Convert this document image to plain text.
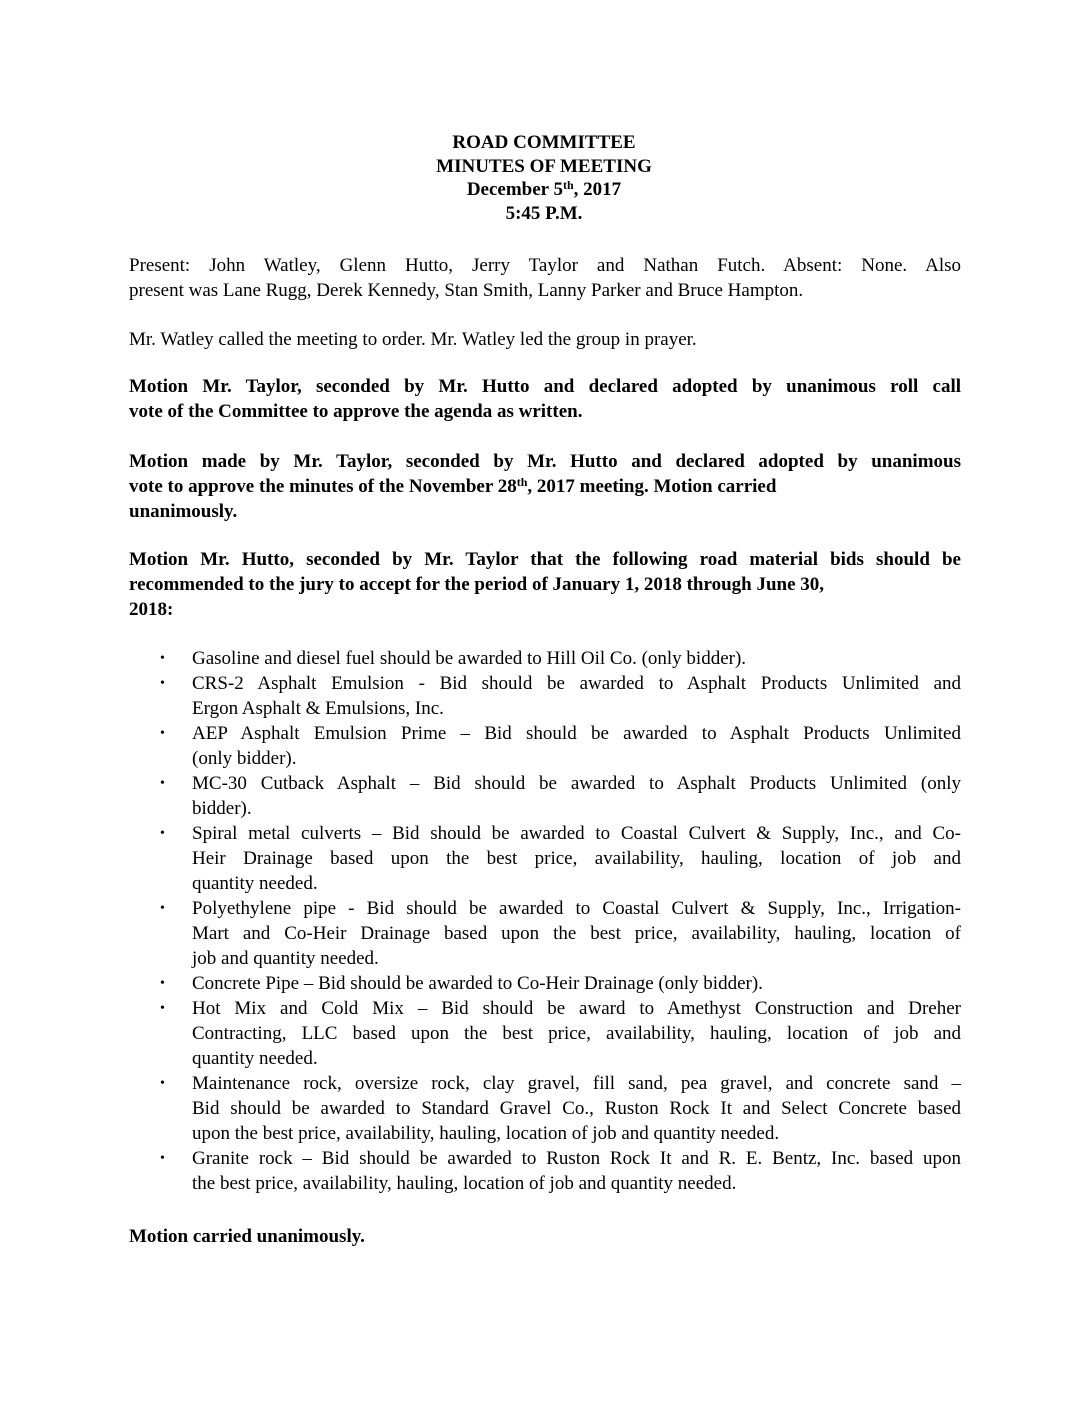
ROAD COMMITTEE
MINUTES OF MEETING
December 5th, 2017
5:45 P.M.
Present: John Watley, Glenn Hutto, Jerry Taylor and Nathan Futch. Absent: None. Also
present was Lane Rugg, Derek Kennedy, Stan Smith, Lanny Parker and Bruce Hampton.
Mr. Watley called the meeting to order. Mr. Watley led the group in prayer.
Motion Mr. Taylor, seconded by Mr. Hutto and declared adopted by unanimous roll call
vote of the Committee to approve the agenda as written.
Motion made by Mr. Taylor, seconded by Mr. Hutto and declared adopted by unanimous
vote to approve the minutes of the November 28th, 2017 meeting. Motion carried
unanimously.
Motion Mr. Hutto, seconded by Mr. Taylor that the following road material bids should be
recommended to the jury to accept for the period of January 1, 2018 through June 30,
2018:
• Gasoline and diesel fuel should be awarded to Hill Oil Co. (only bidder).
• CRS-2 Asphalt Emulsion - Bid should be awarded to Asphalt Products Unlimited and
Ergon Asphalt & Emulsions, Inc.
• AEP Asphalt Emulsion Prime – Bid should be awarded to Asphalt Products Unlimited
(only bidder).
• MC-30 Cutback Asphalt – Bid should be awarded to Asphalt Products Unlimited (only
bidder).
• Spiral metal culverts – Bid should be awarded to Coastal Culvert & Supply, Inc., and Co-
Heir Drainage based upon the best price, availability, hauling, location of job and
quantity needed.
• Polyethylene pipe - Bid should be awarded to Coastal Culvert & Supply, Inc., Irrigation-
Mart and Co-Heir Drainage based upon the best price, availability, hauling, location of
job and quantity needed.
• Concrete Pipe – Bid should be awarded to Co-Heir Drainage (only bidder).
• Hot Mix and Cold Mix – Bid should be award to Amethyst Construction and Dreher
Contracting, LLC based upon the best price, availability, hauling, location of job and
quantity needed.
• Maintenance rock, oversize rock, clay gravel, fill sand, pea gravel, and concrete sand –
Bid should be awarded to Standard Gravel Co., Ruston Rock It and Select Concrete based
upon the best price, availability, hauling, location of job and quantity needed.
• Granite rock – Bid should be awarded to Ruston Rock It and R. E. Bentz, Inc. based upon
the best price, availability, hauling, location of job and quantity needed.
Motion carried unanimously.
